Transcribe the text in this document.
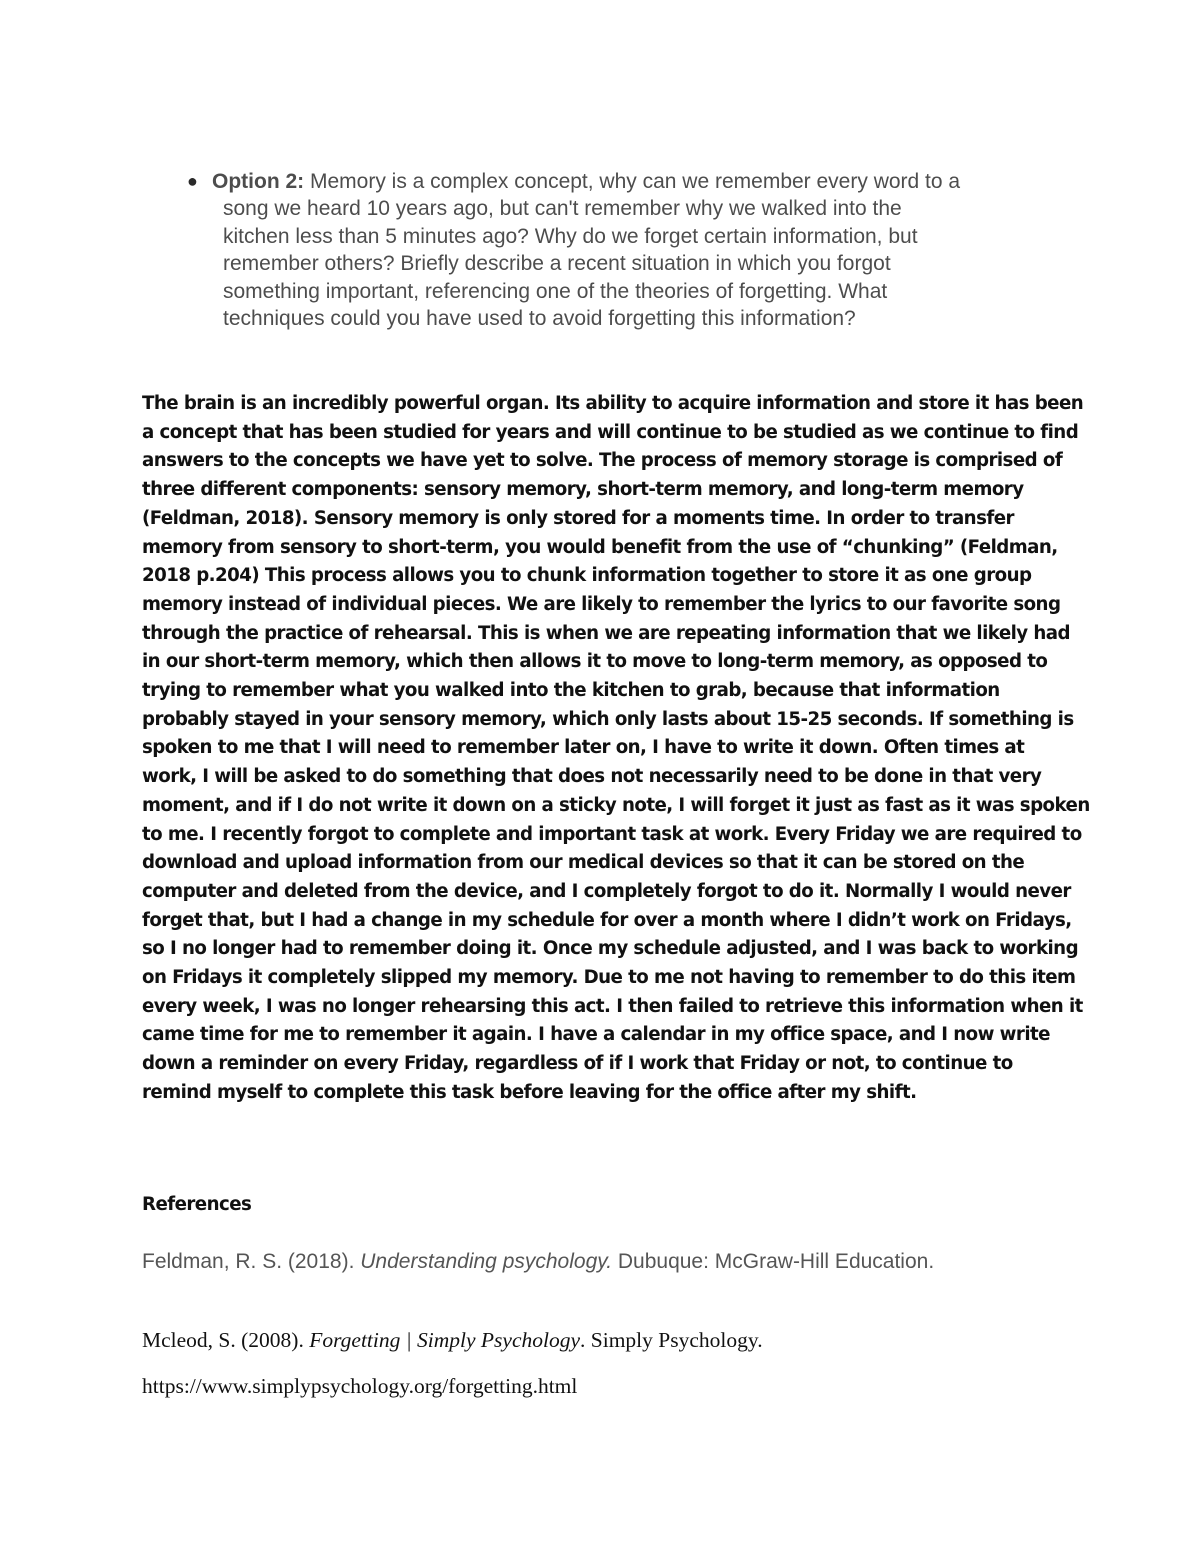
● Option 2: Memory is a complex concept, why can we remember every word to a
song we heard 10 years ago, but can't remember why we walked into the
kitchen less than 5 minutes ago? Why do we forget certain information, but
remember others? Briefly describe a recent situation in which you forgot
something important, referencing one of the theories of forgetting. What
techniques could you have used to avoid forgetting this information?
The brain is an incredibly powerful organ. Its ability to acquire information and store it has been
a concept that has been studied for years and will continue to be studied as we continue to find
answers to the concepts we have yet to solve. The process of memory storage is comprised of
three different components: sensory memory, short-term memory, and long-term memory
(Feldman, 2018). Sensory memory is only stored for a moments time. In order to transfer
memory from sensory to short-term, you would benefit from the use of “chunking” (Feldman,
2018 p.204) This process allows you to chunk information together to store it as one group
memory instead of individual pieces. We are likely to remember the lyrics to our favorite song
through the practice of rehearsal. This is when we are repeating information that we likely had
in our short-term memory, which then allows it to move to long-term memory, as opposed to
trying to remember what you walked into the kitchen to grab, because that information
probably stayed in your sensory memory, which only lasts about 15-25 seconds. If something is
spoken to me that I will need to remember later on, I have to write it down. Often times at
work, I will be asked to do something that does not necessarily need to be done in that very
moment, and if I do not write it down on a sticky note, I will forget it just as fast as it was spoken
to me. I recently forgot to complete and important task at work. Every Friday we are required to
download and upload information from our medical devices so that it can be stored on the
computer and deleted from the device, and I completely forgot to do it. Normally I would never
forget that, but I had a change in my schedule for over a month where I didn’t work on Fridays,
so I no longer had to remember doing it. Once my schedule adjusted, and I was back to working
on Fridays it completely slipped my memory. Due to me not having to remember to do this item
every week, I was no longer rehearsing this act. I then failed to retrieve this information when it
came time for me to remember it again. I have a calendar in my office space, and I now write
down a reminder on every Friday, regardless of if I work that Friday or not, to continue to
remind myself to complete this task before leaving for the office after my shift.
References
Feldman, R. S. (2018). Understanding psychology. Dubuque: McGraw-Hill Education.
Mcleod, S. (2008). Forgetting | Simply Psychology. Simply Psychology.
https://www.simplypsychology.org/forgetting.html
